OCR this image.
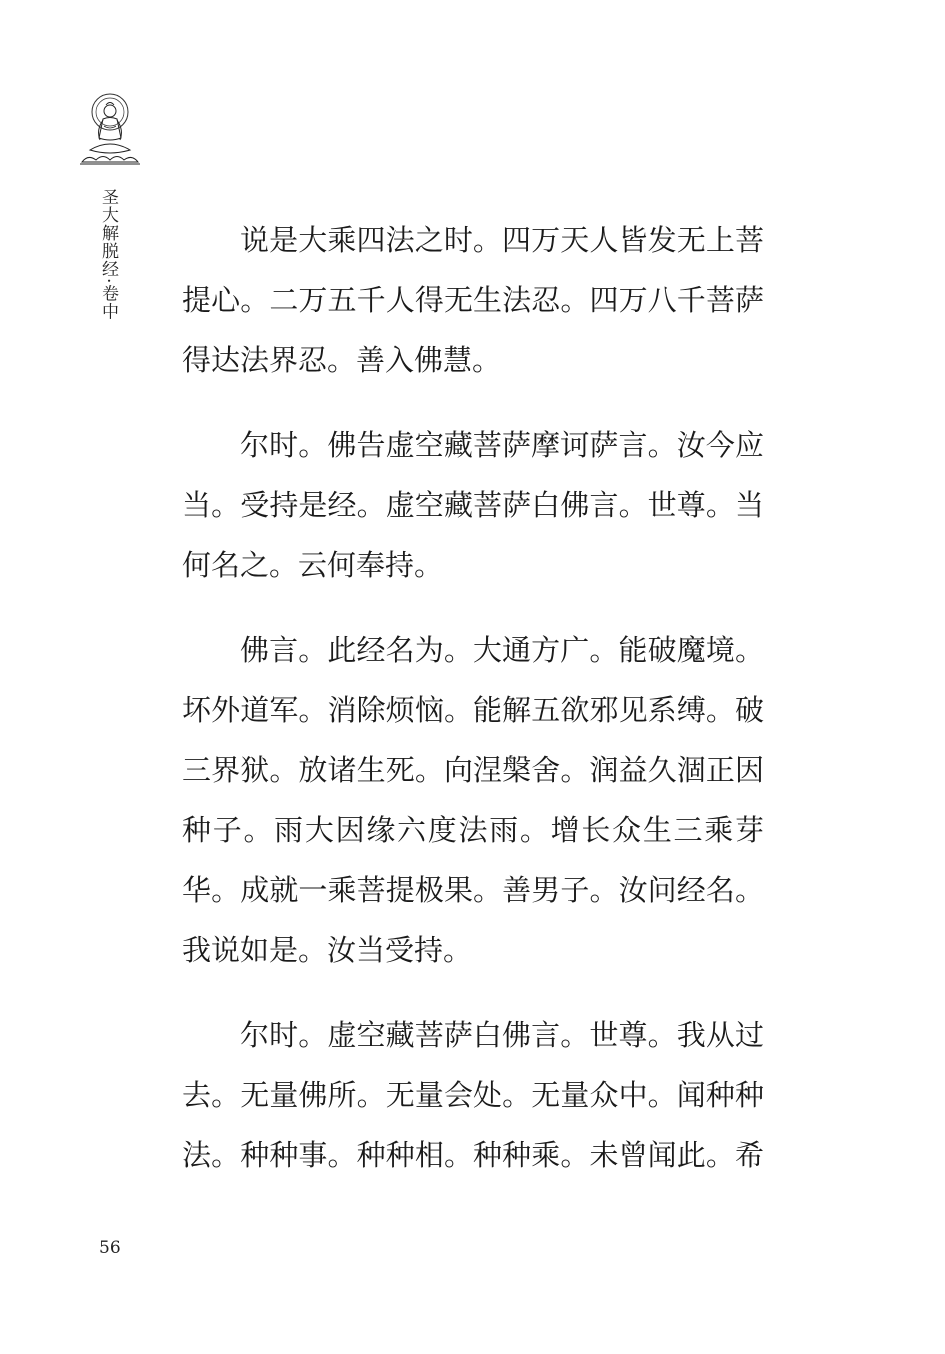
圣大解脱经·卷中	说是大乘四法之时。四万天人皆发无上菩
提心。二万五千人得无生法忍。四万八千菩萨
得达法界忍。善入佛慧。

尔时。佛告虚空藏菩萨摩诃萨言。汝今应
当。受持是经。虚空藏菩萨白佛言。世尊。当
何名之。云何奉持。

佛言。此经名为。大通方广。能破魔境。
坏外道军。消除烦恼。能解五欲邪见系缚。破
三界狱。放诸生死。向涅槃舍。润益久涸正因
种子。雨大因缘六度法雨。增长众生三乘芽
华。成就一乘菩提极果。善男子。汝问经名。
我说如是。汝当受持。

尔时。虚空藏菩萨白佛言。世尊。我从过
去。无量佛所。无量会处。无量众中。闻种种
法。种种事。种种相。种种乘。未曾闻此。希

56
